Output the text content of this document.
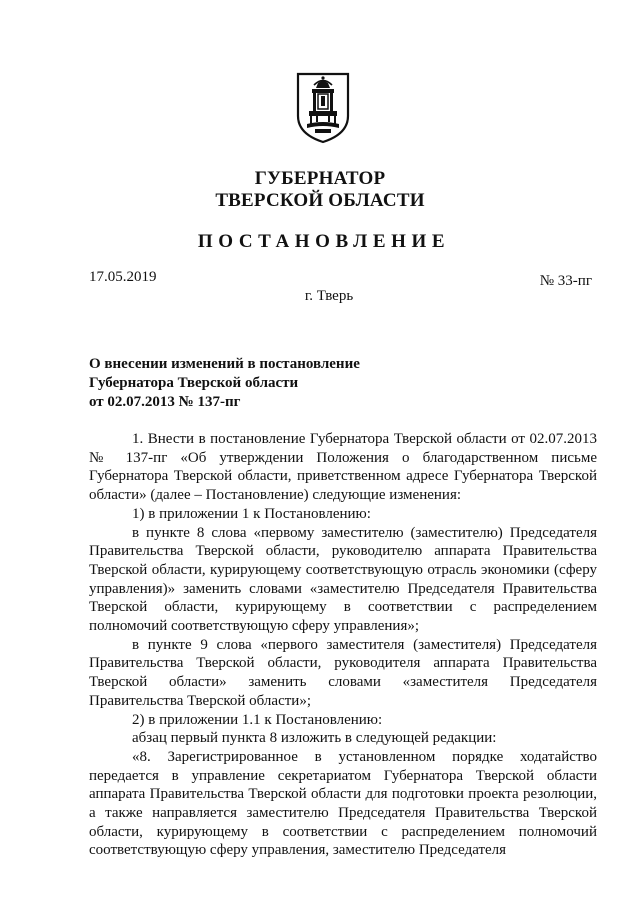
ГУБЕРНАТОР
ТВЕРСКОЙ ОБЛАСТИ
ПОСТАНОВЛЕНИЕ
17.05.2019	№ 33-пг
г. Тверь
О внесении изменений в постановление
Губернатора Тверской области
от 02.07.2013 № 137-пг

1. Внести в постановление Губернатора Тверской области от 02.07.2013 № 137-пг «Об утверждении Положения о благодарственном письме Губернатора Тверской области, приветственном адресе Губернатора Тверской области» (далее – Постановление) следующие изменения:

1) в приложении 1 к Постановлению:

в пункте 8 слова «первому заместителю (заместителю) Председателя Правительства Тверской области, руководителю аппарата Правительства Тверской области, курирующему соответствующую отрасль экономики (сферу управления)» заменить словами «заместителю Председателя Правительства Тверской области, курирующему в соответствии с распределением полномочий соответствующую сферу управления»;

в пункте 9 слова «первого заместителя (заместителя) Председателя Правительства Тверской области, руководителя аппарата Правительства Тверской области» заменить словами «заместителя Председателя Правительства Тверской области»;

2) в приложении 1.1 к Постановлению:

абзац первый пункта 8 изложить в следующей редакции:

«8. Зарегистрированное в установленном порядке ходатайство передается в управление секретариатом Губернатора Тверской области аппарата Правительства Тверской области для подготовки проекта резолюции, а также направляется заместителю Председателя Правительства Тверской области, курирующему в соответствии с распределением полномочий соответствующую сферу управления, заместителю Председателя
